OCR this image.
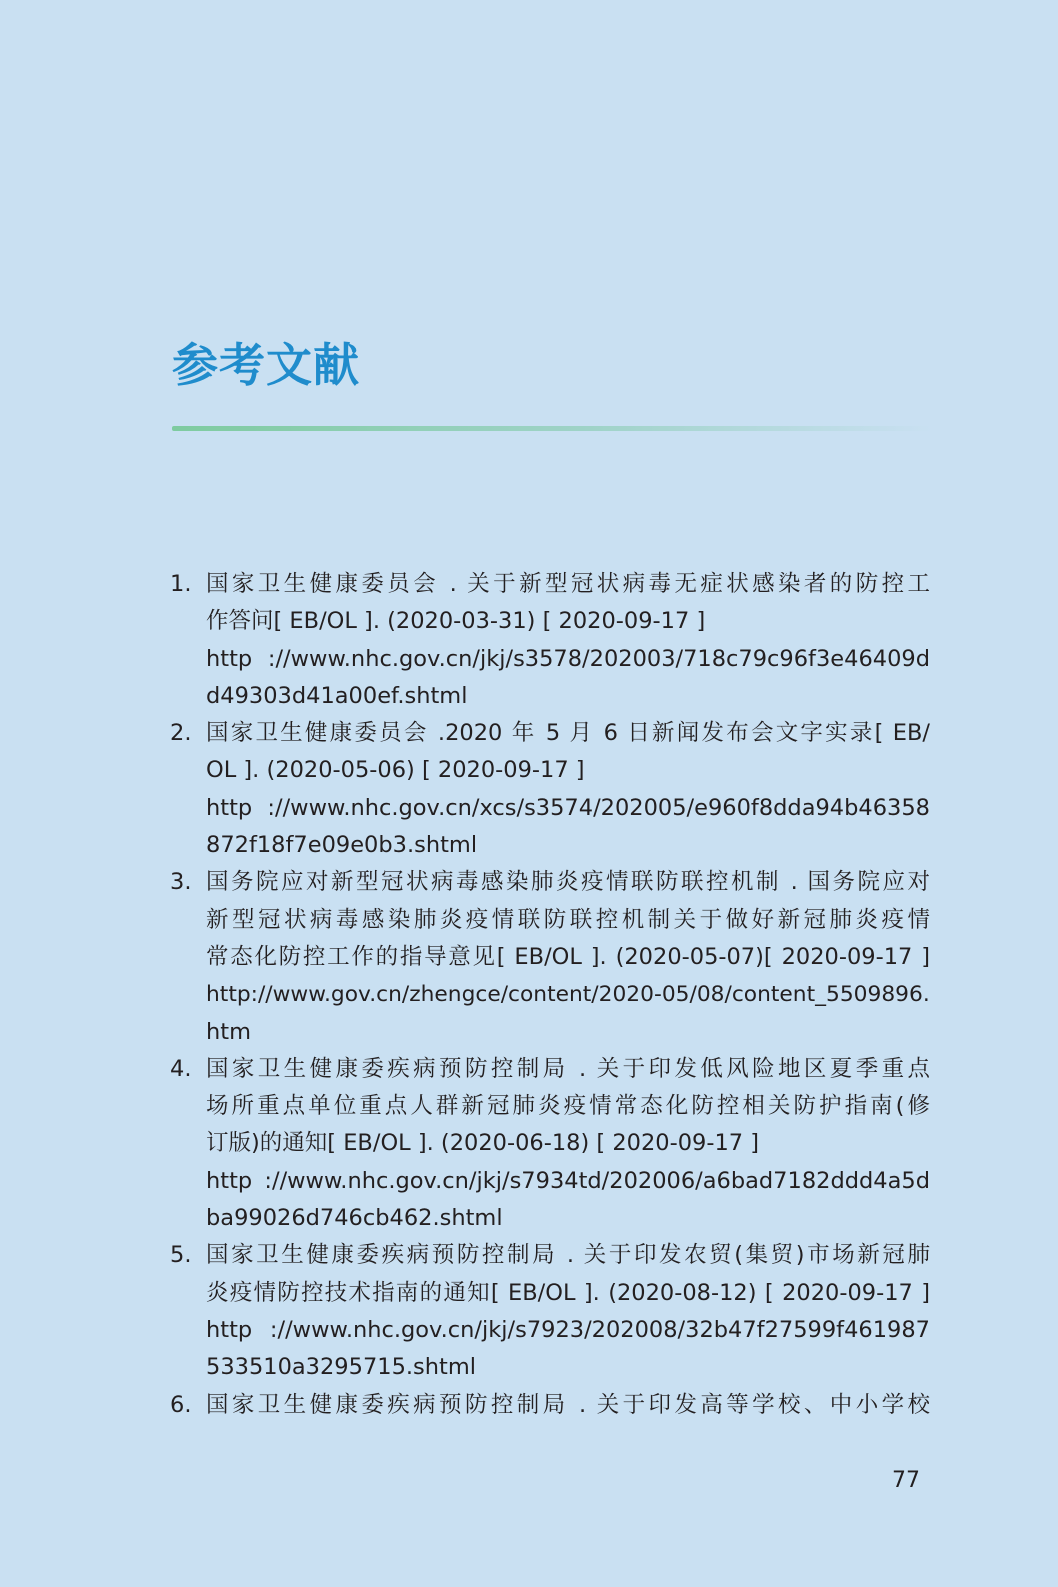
参考文献
1. 国家卫生健康委员会 . 关于新型冠状病毒无症状感染者的防控工
作答问[ EB/OL ]. (2020-03-31) [ 2020-09-17 ]
http ://www.nhc.gov.cn/jkj/s3578/202003/718c79c96f3e46409d
d49303d41a00ef.shtml
2. 国家卫生健康委员会 .2020 年 5 月 6 日新闻发布会文字实录[ EB/
OL ]. (2020-05-06) [ 2020-09-17 ]
http ://www.nhc.gov.cn/xcs/s3574/202005/e960f8dda94b46358
872f18f7e09e0b3.shtml
3. 国务院应对新型冠状病毒感染肺炎疫情联防联控机制 . 国务院应对
新型冠状病毒感染肺炎疫情联防联控机制关于做好新冠肺炎疫情
常态化防控工作的指导意见[ EB/OL ]. (2020-05-07)[ 2020-09-17 ]
http://www.gov.cn/zhengce/content/2020-05/08/content_5509896.
htm
4. 国家卫生健康委疾病预防控制局 . 关于印发低风险地区夏季重点
场所重点单位重点人群新冠肺炎疫情常态化防控相关防护指南(修
订版)的通知[ EB/OL ]. (2020-06-18) [ 2020-09-17 ]
http ://www.nhc.gov.cn/jkj/s7934td/202006/a6bad7182ddd4a5d
ba99026d746cb462.shtml
5. 国家卫生健康委疾病预防控制局 . 关于印发农贸(集贸)市场新冠肺
炎疫情防控技术指南的通知[ EB/OL ]. (2020-08-12) [ 2020-09-17 ]
http ://www.nhc.gov.cn/jkj/s7923/202008/32b47f27599f461987
533510a3295715.shtml
6. 国家卫生健康委疾病预防控制局 . 关于印发高等学校、中小学校
77
